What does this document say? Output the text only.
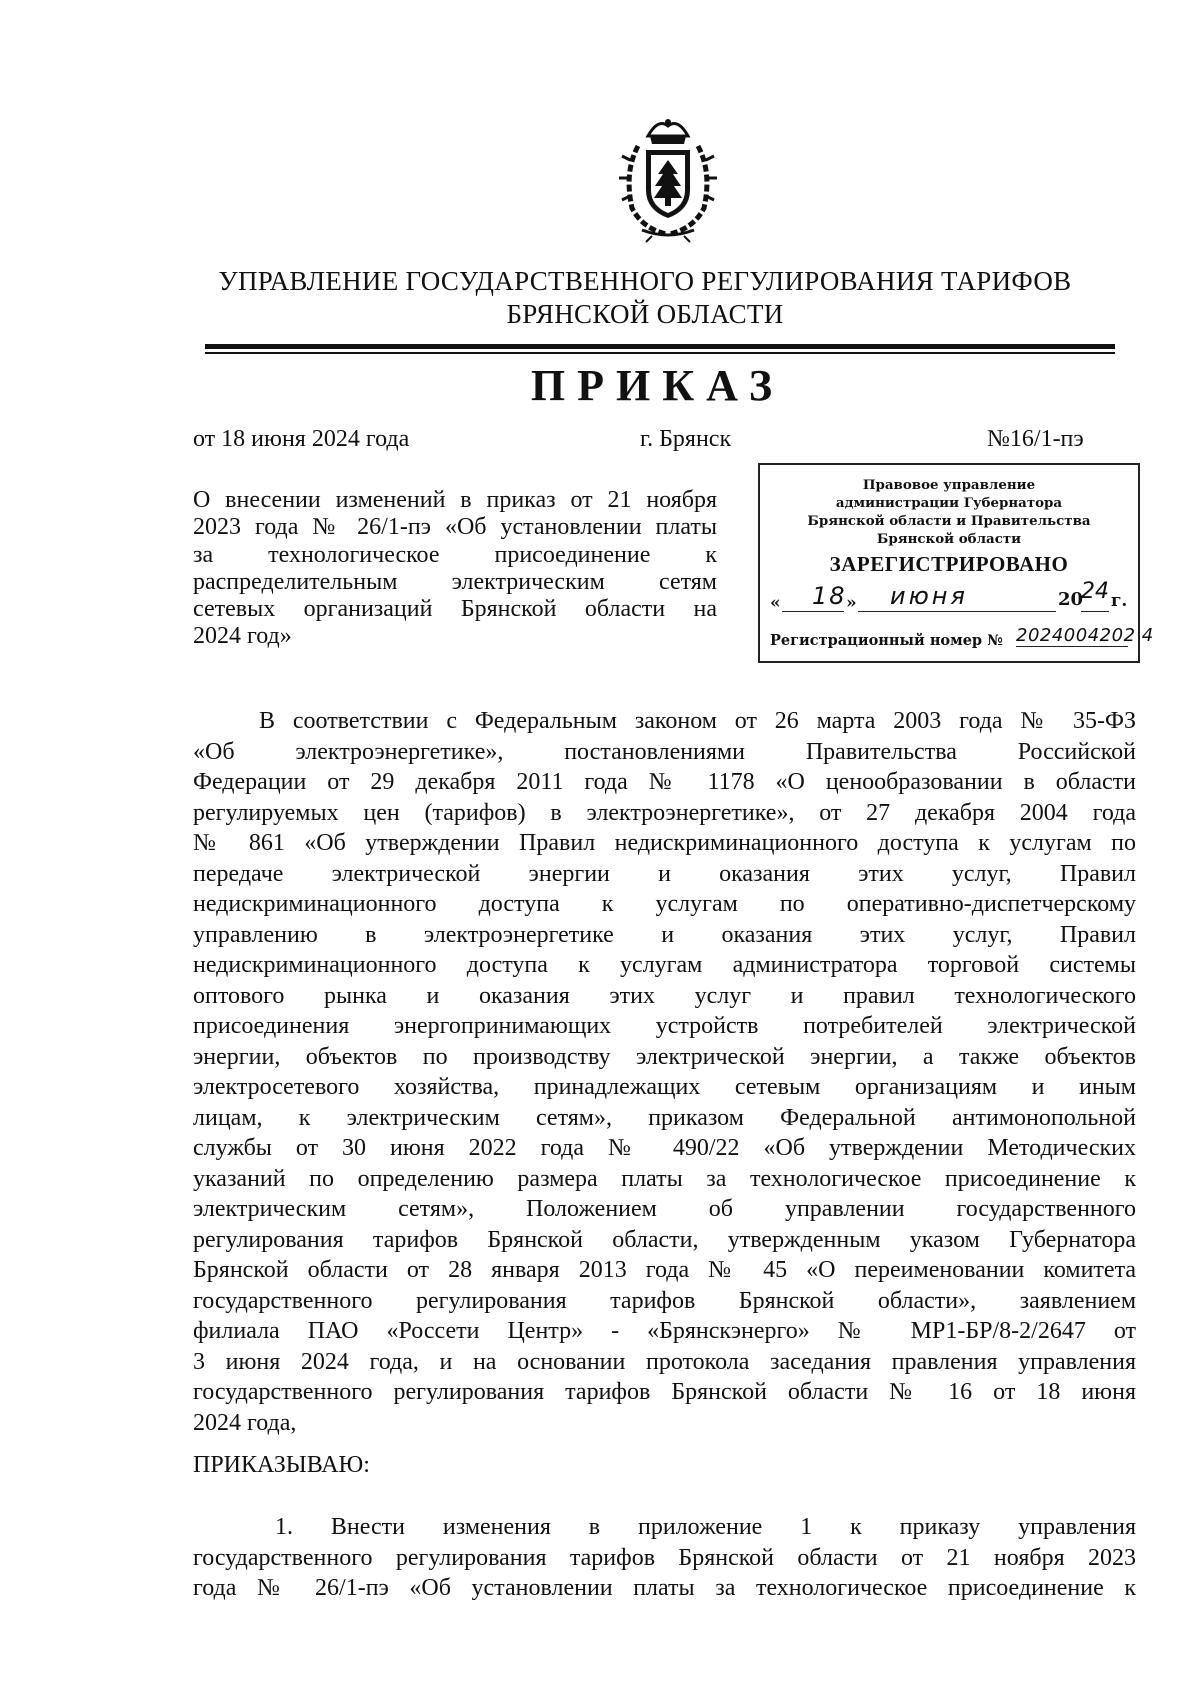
УПРАВЛЕНИЕ ГОСУДАРСТВЕННОГО РЕГУЛИРОВАНИЯ ТАРИФОВ
БРЯНСКОЙ ОБЛАСТИ
ПРИКАЗ
от 18 июня 2024 года	г. Брянск	№16/1-пэ
О внесении изменений в приказ от 21 ноября
2023 года № 26/1-пэ «Об установлении платы
за технологическое присоединение к
распределительным электрическим сетям
сетевых организаций Брянской области на
2024 год»
Правовое управление
администрации Губернатора
Брянской области и Правительства
Брянской области
ЗАРЕГИСТРИРОВАНО
« 18 » июня	20
24 г.
Регистрационный номер № 2024004202 4
В соответствии с Федеральным законом от 26 марта 2003 года № 35-ФЗ
«Об электроэнергетике», постановлениями Правительства Российской
Федерации от 29 декабря 2011 года № 1178 «О ценообразовании в области
регулируемых цен (тарифов) в электроэнергетике», от 27 декабря 2004 года
№ 861 «Об утверждении Правил недискриминационного доступа к услугам по
передаче электрической энергии и оказания этих услуг, Правил
недискриминационного доступа к услугам по оперативно-диспетчерскому
управлению в электроэнергетике и оказания этих услуг, Правил
недискриминационного доступа к услугам администратора торговой системы
оптового рынка и оказания этих услуг и правил технологического
присоединения энергопринимающих устройств потребителей электрической
энергии, объектов по производству электрической энергии, а также объектов
электросетевого хозяйства, принадлежащих сетевым организациям и иным
лицам, к электрическим сетям», приказом Федеральной антимонопольной
службы от 30 июня 2022 года № 490/22 «Об утверждении Методических
указаний по определению размера платы за технологическое присоединение к
электрическим сетям», Положением об управлении государственного
регулирования тарифов Брянской области, утвержденным указом Губернатора
Брянской области от 28 января 2013 года № 45 «О переименовании комитета
государственного регулирования тарифов Брянской области», заявлением
филиала ПАО «Россети Центр» - «Брянскэнерго» № МР1-БР/8-2/2647 от
3 июня 2024 года, и на основании протокола заседания правления управления
государственного регулирования тарифов Брянской области № 16 от 18 июня
2024 года,
ПРИКАЗЫВАЮ:
1. Внести изменения в приложение 1 к приказу управления
государственного регулирования тарифов Брянской области от 21 ноября 2023
года № 26/1-пэ «Об установлении платы за технологическое присоединение к
